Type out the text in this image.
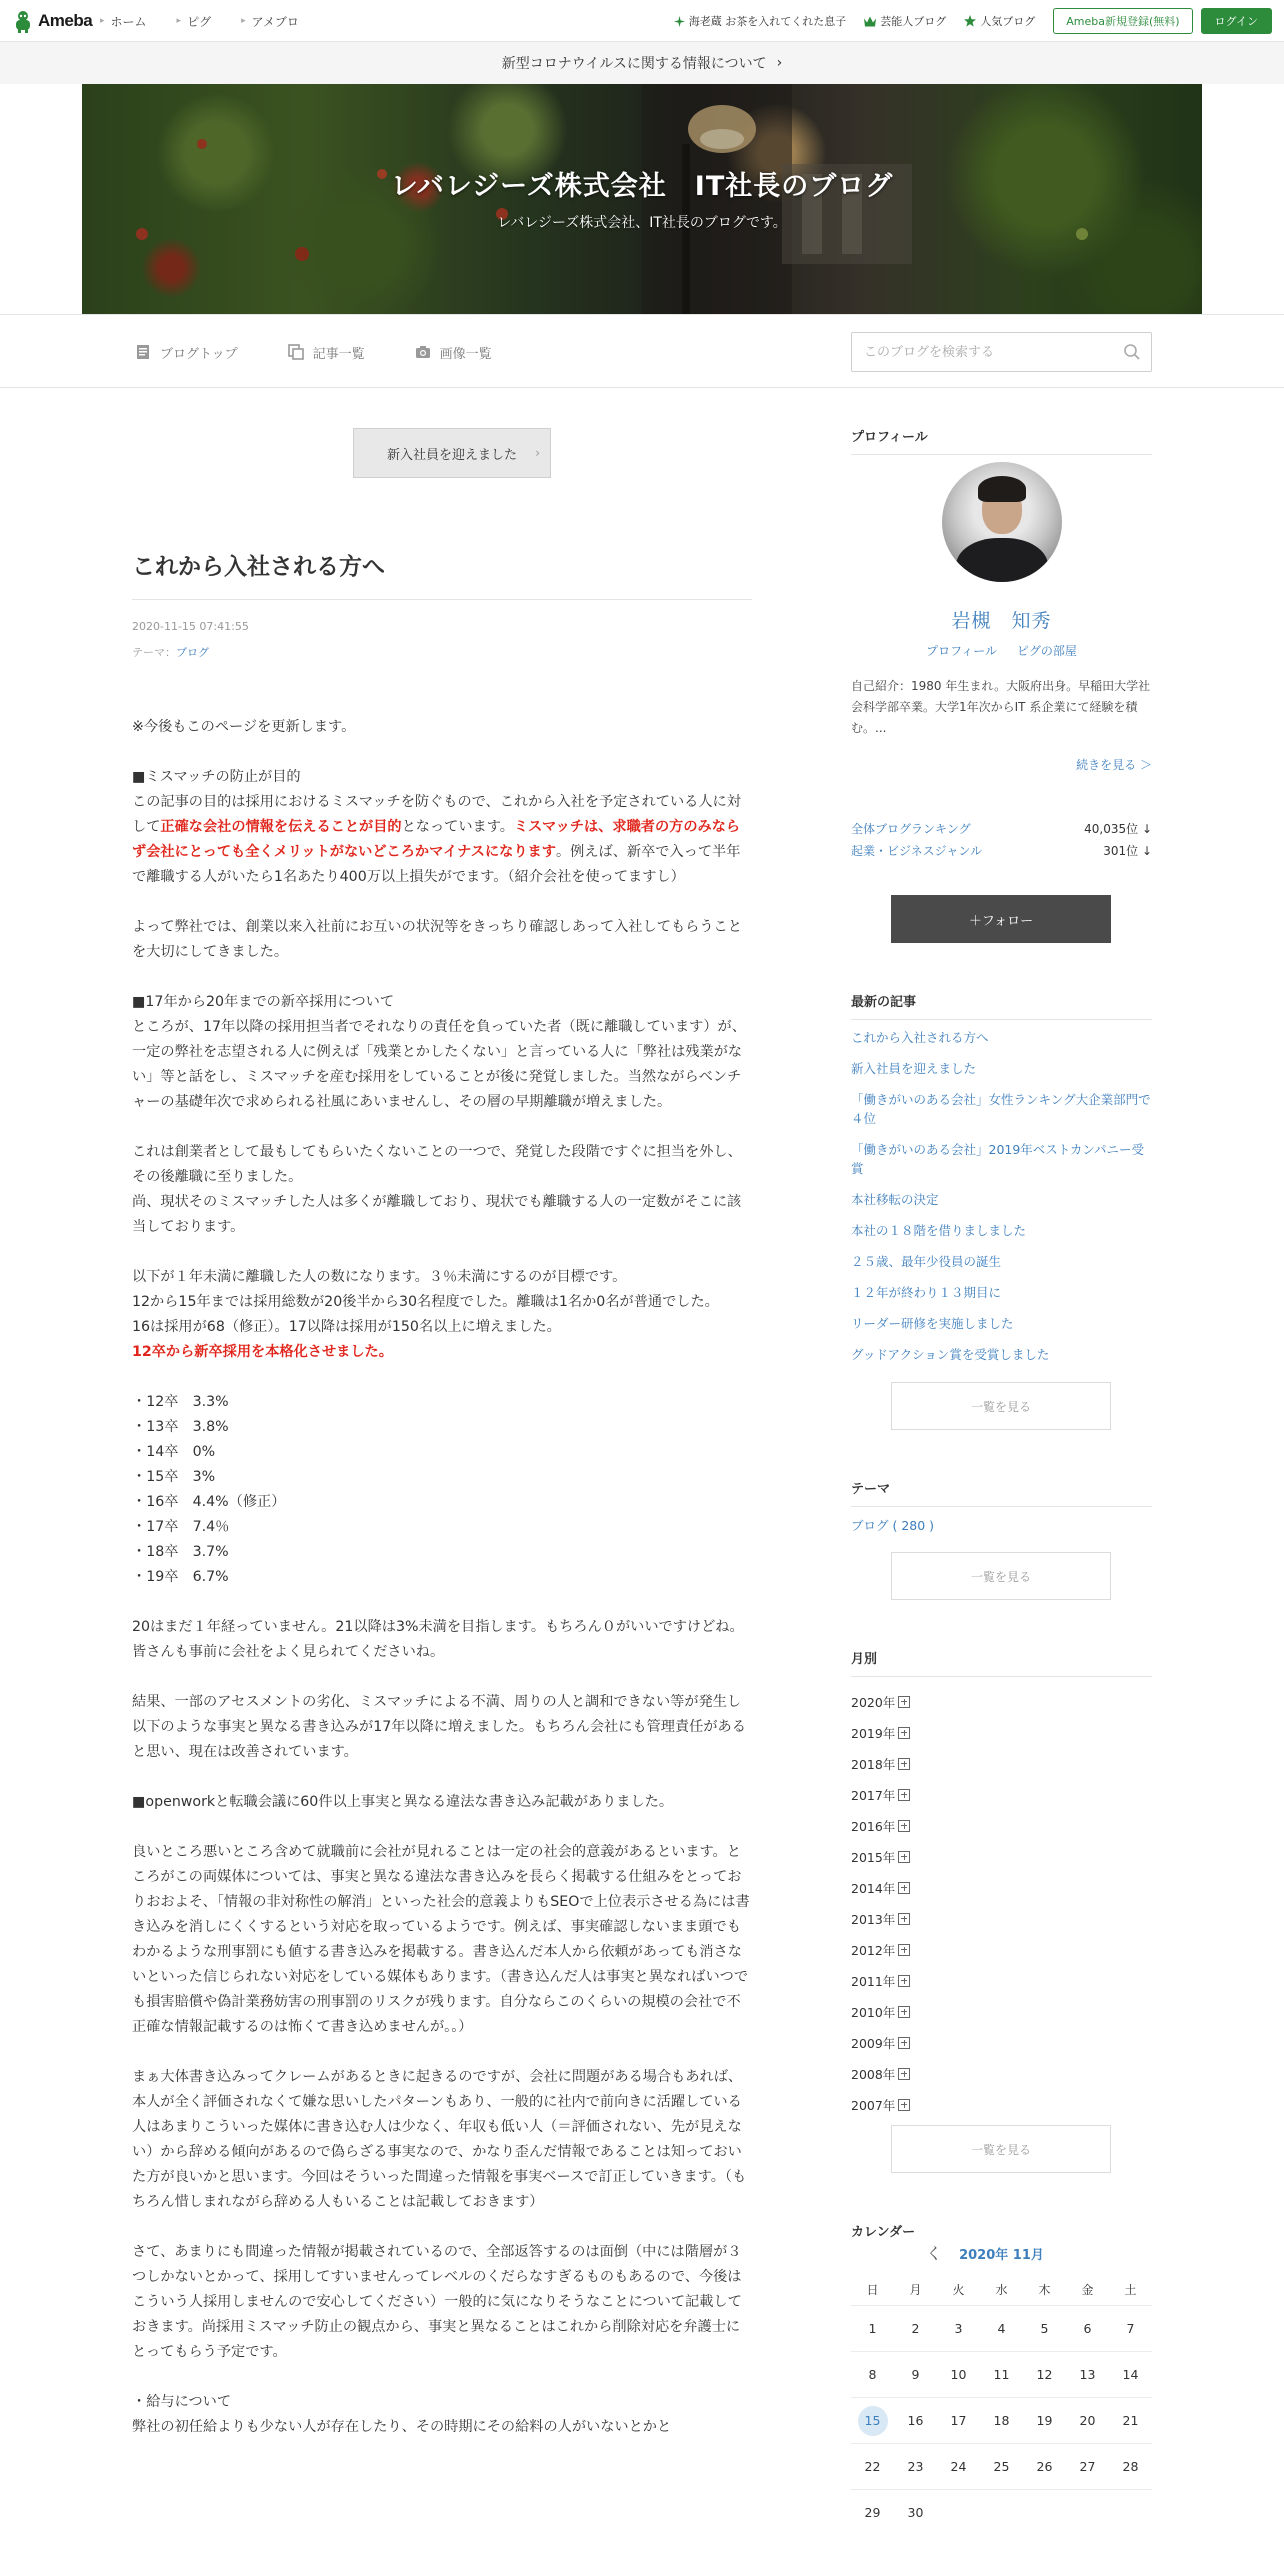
Ameba ▸ ホーム	▸ ピグ	▸ アメブロ	海老蔵 お茶を入れてくれた息子	芸能人ブログ	人気ブログ	Ameba新規登録(無料)	ログイン
新型コロナウイルスに関する情報について ›
レバレジーズ株式会社　IT社長のブログ
レバレジーズ株式会社、IT社長のブログです。
ブログトップ	記事一覧	画像一覧
このブログを検索する
新入社員を迎えました ›
これから入社される方へ
2020-11-15 07:41:55
テーマ：ブログ

※今後もこのページを更新します。

■ミスマッチの防止が目的

この記事の目的は採用におけるミスマッチを防ぐもので、これから入社を予定されている人に対して正確な会社の情報を伝えることが目的となっています。ミスマッチは、求職者の方のみならず会社にとっても全くメリットがないどころかマイナスになります。例えば、新卒で入って半年で離職する人がいたら1名あたり400万以上損失がでます。（紹介会社を使ってますし）

よって弊社では、創業以来入社前にお互いの状況等をきっちり確認しあって入社してもらうことを大切にしてきました。

■17年から20年までの新卒採用について

ところが、17年以降の採用担当者でそれなりの責任を負っていた者（既に離職しています）が、一定の弊社を志望される人に例えば「残業とかしたくない」と言っている人に「弊社は残業がない」等と話をし、ミスマッチを産む採用をしていることが後に発覚しました。当然ながらベンチャーの基礎年次で求められる社風にあいませんし、その層の早期離職が増えました。

これは創業者として最もしてもらいたくないことの一つで、発覚した段階ですぐに担当を外し、その後離職に至りました。

尚、現状そのミスマッチした人は多くが離職しており、現状でも離職する人の一定数がそこに該当しております。

以下が１年未満に離職した人の数になります。３％未満にするのが目標です。

12から15年までは採用総数が20後半から30名程度でした。離職は1名か0名が普通でした。

16は採用が68（修正）。17以降は採用が150名以上に増えました。

12卒から新卒採用を本格化させました。

・12卒　3.3%

・13卒　3.8%

・14卒　0%

・15卒　3%

・16卒　4.4%（修正）

・17卒　7.4％

・18卒　3.7%

・19卒　6.7%

20はまだ１年経っていません。21以降は3%未満を目指します。もちろん０がいいですけどね。皆さんも事前に会社をよく見られてくださいね。

結果、一部のアセスメントの劣化、ミスマッチによる不満、周りの人と調和できない等が発生し以下のような事実と異なる書き込みが17年以降に増えました。もちろん会社にも管理責任があると思い、現在は改善されています。

■openworkと転職会議に60件以上事実と異なる違法な書き込み記載がありました。

良いところ悪いところ含めて就職前に会社が見れることは一定の社会的意義があるといます。ところがこの両媒体については、事実と異なる違法な書き込みを長らく掲載する仕組みをとっておりおおよそ、「情報の非対称性の解消」といった社会的意義よりもSEOで上位表示させる為には書き込みを消しにくくするという対応を取っているようです。例えば、事実確認しないまま頭でもわかるような刑事罰にも値する書き込みを掲載する。書き込んだ本人から依頼があっても消さないといった信じられない対応をしている媒体もあります。（書き込んだ人は事実と異なればいつでも損害賠償や偽計業務妨害の刑事罰のリスクが残ります。自分ならこのくらいの規模の会社で不正確な情報記載するのは怖くて書き込めませんが。。）

まぁ大体書き込みってクレームがあるときに起きるのですが、会社に問題がある場合もあれば、本人が全く評価されなくて嫌な思いしたパターンもあり、一般的に社内で前向きに活躍している人はあまりこういった媒体に書き込む人は少なく、年収も低い人（＝評価されない、先が見えない）から辞める傾向があるので偽らざる事実なので、かなり歪んだ情報であることは知っておいた方が良いかと思います。今回はそういった間違った情報を事実ベースで訂正していきます。（もちろん惜しまれながら辞める人もいることは記載しておきます）

さて、あまりにも間違った情報が掲載されているので、全部返答するのは面倒（中には階層が３つしかないとかって、採用してすいませんってレベルのくだらなすぎるものもあるので、今後はこういう人採用しませんので安心してください）一般的に気になりそうなことについて記載しておきます。尚採用ミスマッチ防止の観点から、事実と異なることはこれから削除対応を弁護士にとってもらう予定です。

・給与について

弊社の初任給よりも少ない人が存在したり、その時期にその給料の人がいないとかと

プロフィール
岩槻　知秀
プロフィール ピグの部屋
自己紹介：1980 年生まれ。大阪府出身。早稲田大学社会科学部卒業。大学1年次からIT 系企業にて経験を積む。...
続きを見る ＞
全体ブログランキング	40,035位 ↓
起業・ビジネスジャンル	301位 ↓
＋フォロー
最新の記事
これから入社される方へ
新入社員を迎えました
「働きがいのある会社」女性ランキング大企業部門で４位
「働きがいのある会社」2019年ベストカンパニー受賞
本社移転の決定
本社の１８階を借りましました
２５歳、最年少役員の誕生
１２年が終わり１３期目に
リーダー研修を実施しました
グッドアクション賞を受賞しました
一覧を見る
テーマ
ブログ ( 280 )
一覧を見る
月別
2020年
2019年
2018年
2017年
2016年
2015年
2014年
2013年
2012年
2011年
2010年
2009年
2008年
2007年
一覧を見る
カレンダー
く	2020年 11月
日	月	火	水	木	金	土
1	2	3	4	5	6	7
8	9	10	11	12	13	14
15	16	17	18	19	20	21
22	23	24	25	26	27	28
29	30
